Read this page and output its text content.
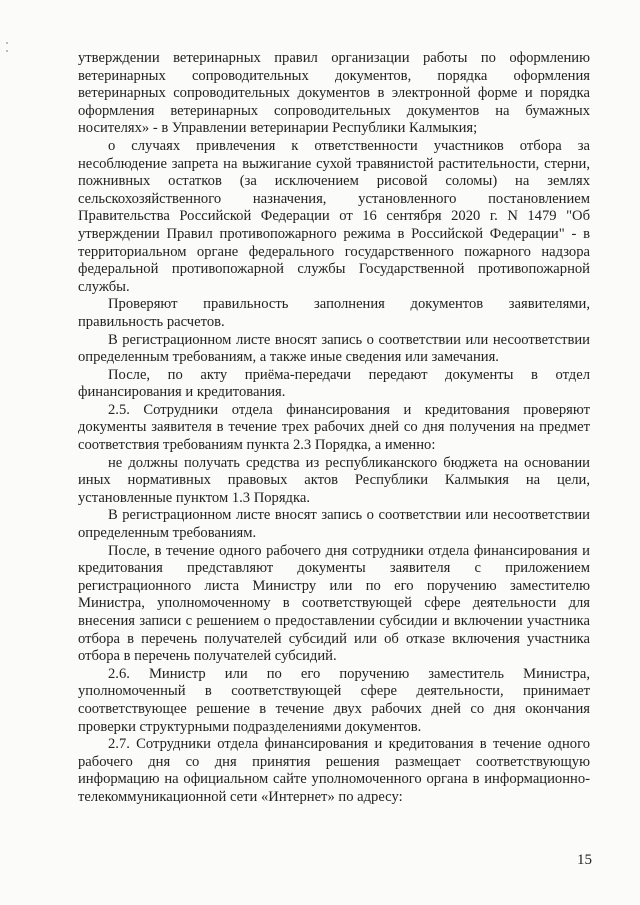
утверждении ветеринарных правил организации работы по оформлению ветеринарных сопроводительных документов, порядка оформления ветеринарных сопроводительных документов в электронной форме и порядка оформления ветеринарных сопроводительных документов на бумажных носителях» - в Управлении ветеринарии Республики Калмыкия;

о случаях привлечения к ответственности участников отбора за несоблюдение запрета на выжигание сухой травянистой растительности, стерни, пожнивных остатков (за исключением рисовой соломы) на землях сельскохозяйственного назначения, установленного постановлением Правительства Российской Федерации от 16 сентября 2020 г. N 1479 "Об утверждении Правил противопожарного режима в Российской Федерации" - в территориальном органе федерального государственного пожарного надзора федеральной противопожарной службы Государственной противопожарной службы.

Проверяют правильность заполнения документов заявителями, правильность расчетов.

В регистрационном листе вносят запись о соответствии или несоответствии определенным требованиям, а также иные сведения или замечания.

После, по акту приёма-передачи передают документы в отдел финансирования и кредитования.

2.5. Сотрудники отдела финансирования и кредитования проверяют документы заявителя в течение трех рабочих дней со дня получения на предмет соответствия требованиям пункта 2.3 Порядка, а именно:

не должны получать средства из республиканского бюджета на основании иных нормативных правовых актов Республики Калмыкия на цели, установленные пунктом 1.3 Порядка.

В регистрационном листе вносят запись о соответствии или несоответствии определенным требованиям.

После, в течение одного рабочего дня сотрудники отдела финансирования и кредитования представляют документы заявителя с приложением регистрационного листа Министру или по его поручению заместителю Министра, уполномоченному в соответствующей сфере деятельности для внесения записи с решением о предоставлении субсидии и включении участника отбора в перечень получателей субсидий или об отказе включения участника отбора в перечень получателей субсидий.

2.6. Министр или по его поручению заместитель Министра, уполномоченный в соответствующей сфере деятельности, принимает соответствующее решение в течение двух рабочих дней со дня окончания проверки структурными подразделениями документов.

2.7. Сотрудники отдела финансирования и кредитования в течение одного рабочего дня со дня принятия решения размещает соответствующую информацию на официальном сайте уполномоченного органа в информационно-телекоммуникационной сети «Интернет» по адресу:

15
